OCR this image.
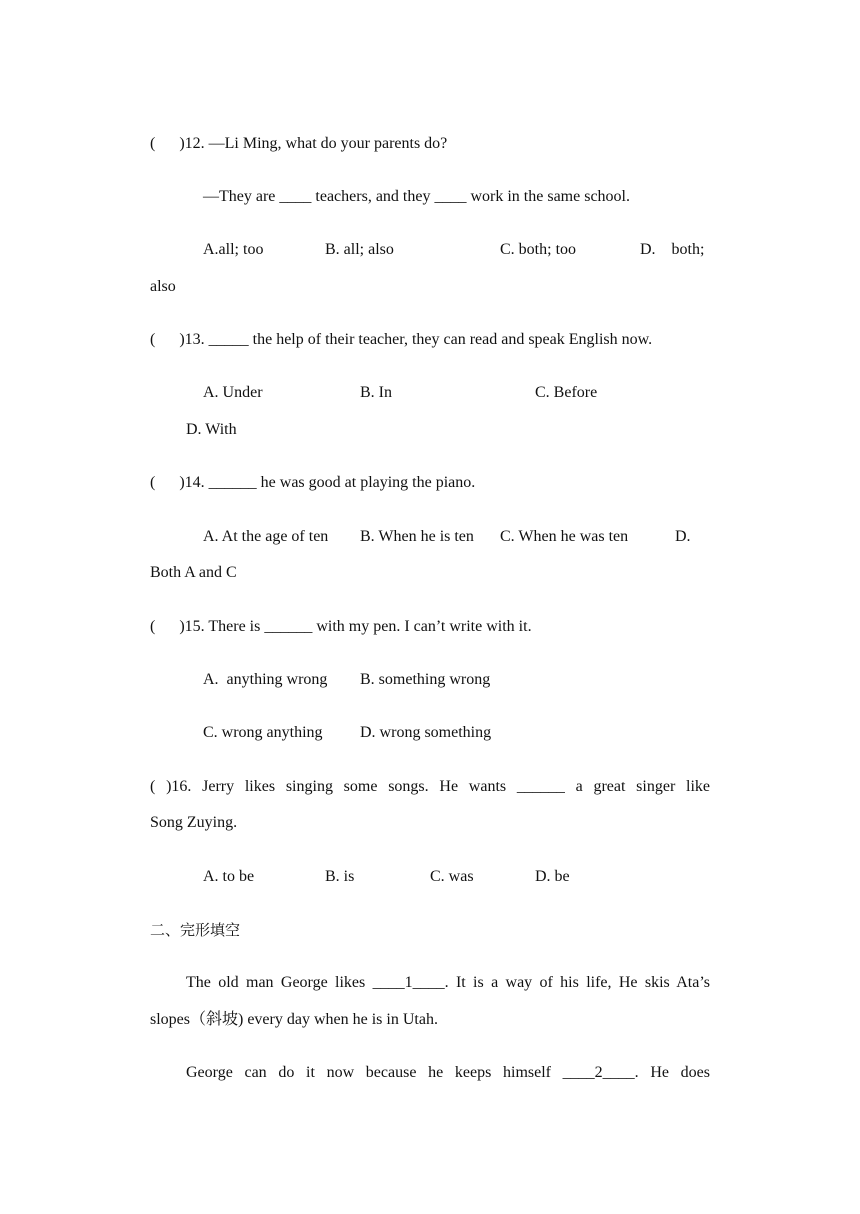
(      )12. —Li Ming, what do your parents do?
—They are ____ teachers, and they ____ work in the same school.
A.all; too	B. all; also	C. both; too	D.    both;
also
(      )13. _____ the help of their teacher, they can read and speak English now.
A. Under	B. In	C. Before
D. With
(      )14. ______ he was good at playing the piano.
A. At the age of ten B. When he is ten C. When he was ten	D.
Both A and C
(      )15. There is ______ with my pen. I can’t write with it.
A.  anything wrong B. something wrong
C. wrong anything D. wrong something
( )16. Jerry likes singing some songs. He wants ______ a great singer like
Song Zuying.
A. to be	B. is	C. was	D. be
二、完形填空
The old man George likes ____1____. It is a way of his life, He skis Ata’s
slopes（斜坡) every day when he is in Utah.
George can do it now because he keeps himself ____2____. He does
